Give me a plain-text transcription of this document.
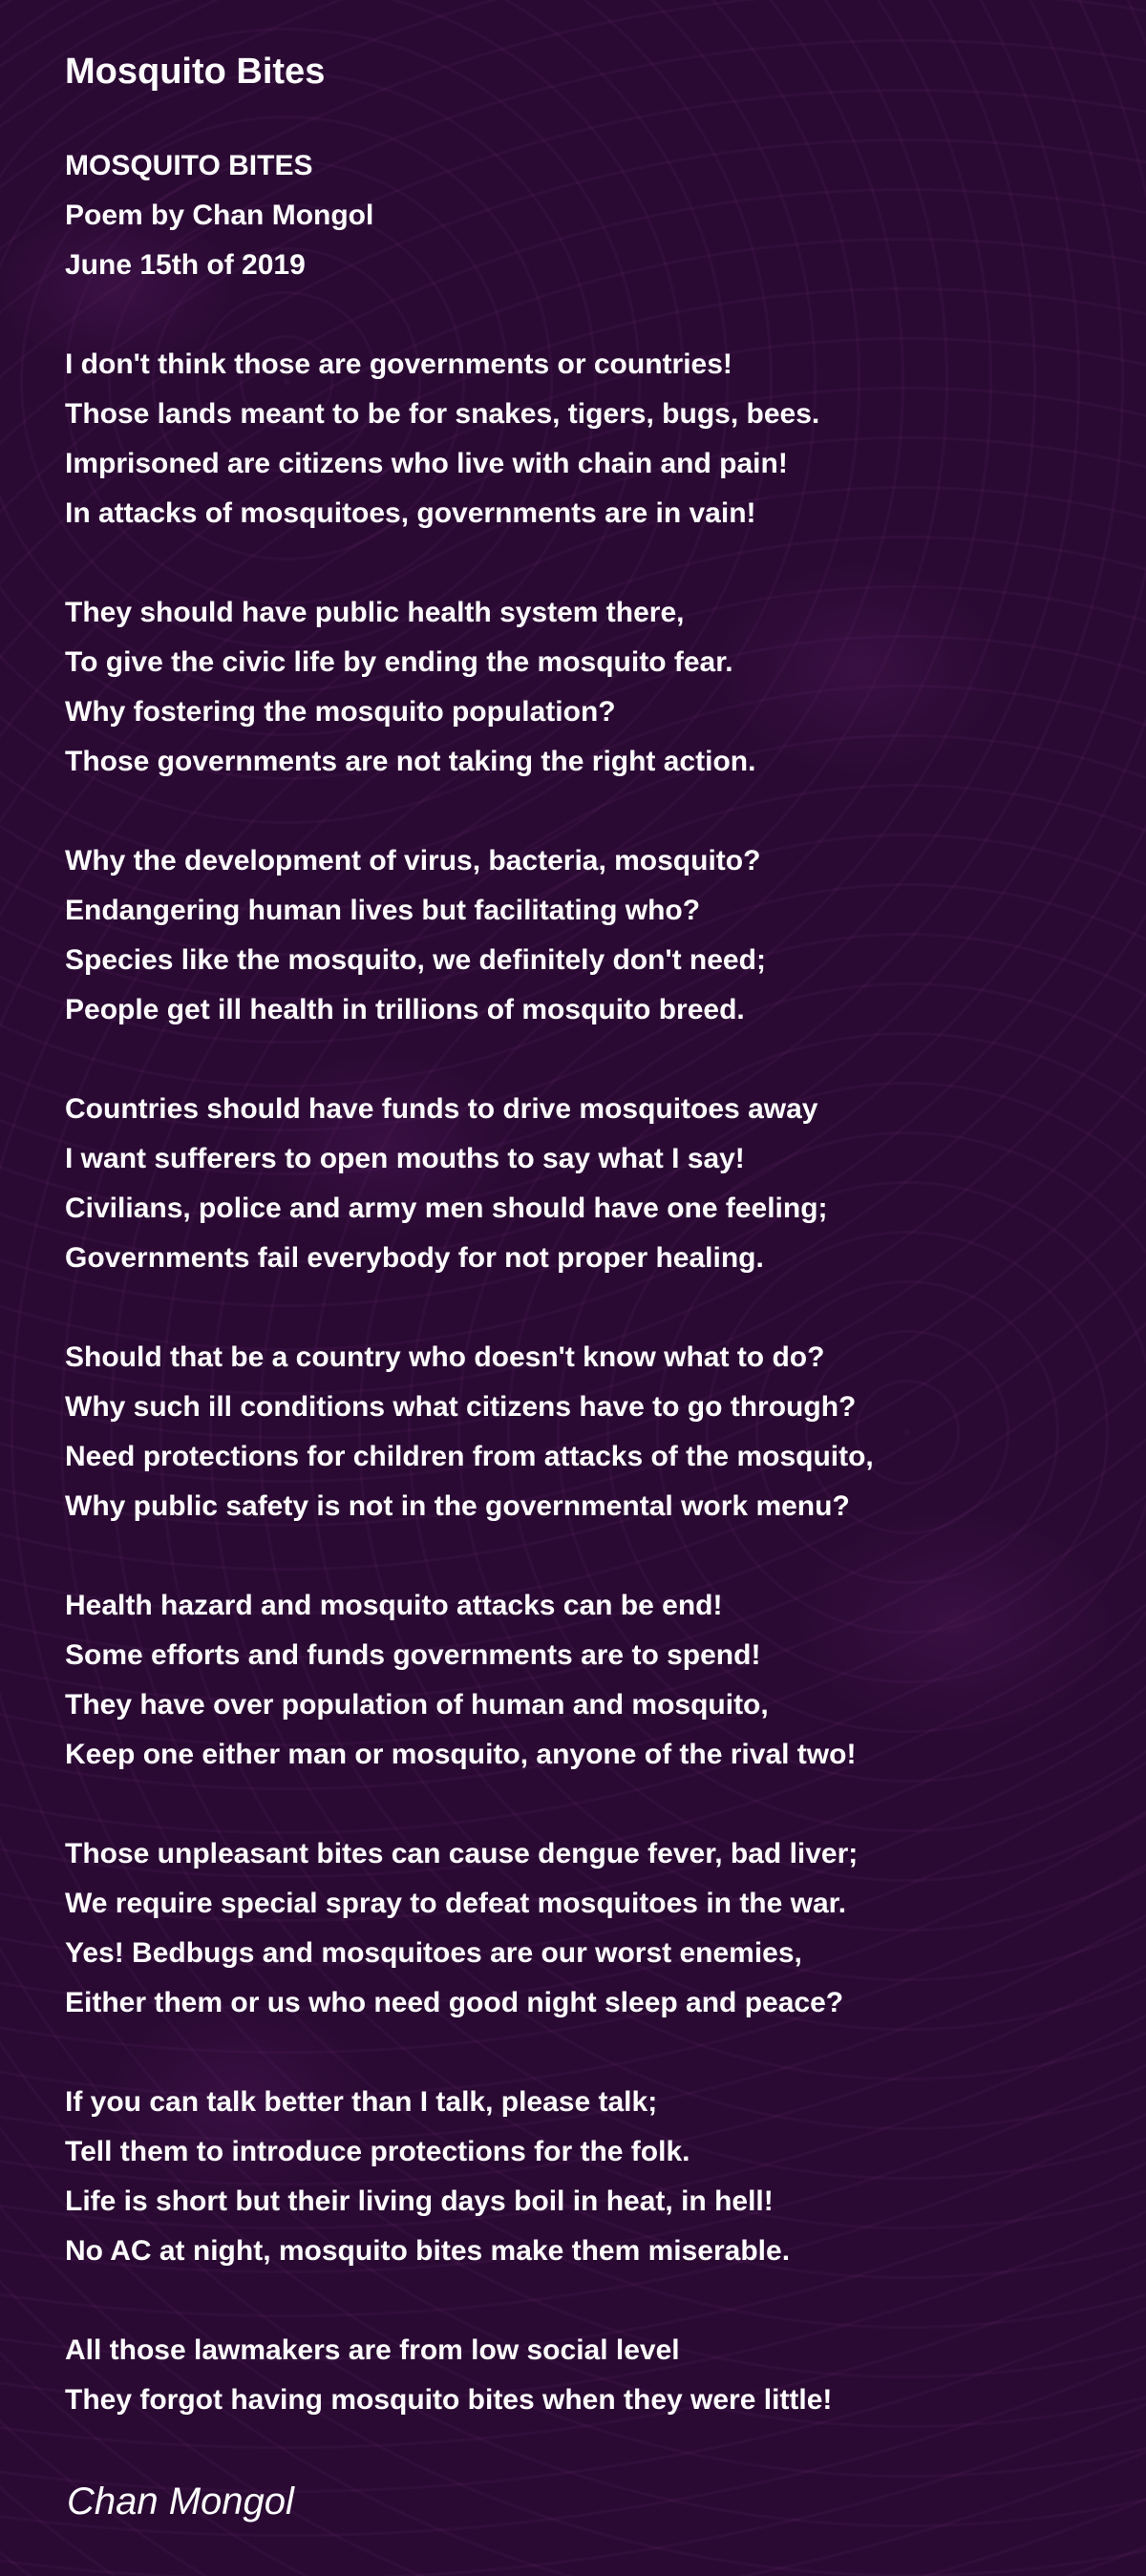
Mosquito Bites
MOSQUITO BITES
Poem by Chan Mongol
June 15th of 2019
I don't think those are governments or countries!
Those lands meant to be for snakes, tigers, bugs, bees.
Imprisoned are citizens who live with chain and pain!
In attacks of mosquitoes, governments are in vain!
They should have public health system there,
To give the civic life by ending the mosquito fear.
Why fostering the mosquito population?
Those governments are not taking the right action.
Why the development of virus, bacteria, mosquito?
Endangering human lives but facilitating who?
Species like the mosquito, we definitely don't need;
People get ill health in trillions of mosquito breed.
Countries should have funds to drive mosquitoes away
I want sufferers to open mouths to say what I say!
Civilians, police and army men should have one feeling;
Governments fail everybody for not proper healing.
Should that be a country who doesn't know what to do?
Why such ill conditions what citizens have to go through?
Need protections for children from attacks of the mosquito,
Why public safety is not in the governmental work menu?
Health hazard and mosquito attacks can be end!
Some efforts and funds governments are to spend!
They have over population of human and mosquito,
Keep one either man or mosquito, anyone of the rival two!
Those unpleasant bites can cause dengue fever, bad liver;
We require special spray to defeat mosquitoes in the war.
Yes! Bedbugs and mosquitoes are our worst enemies,
Either them or us who need good night sleep and peace?
If you can talk better than I talk, please talk;
Tell them to introduce protections for the folk.
Life is short but their living days boil in heat, in hell!
No AC at night, mosquito bites make them miserable.
All those lawmakers are from low social level
They forgot having mosquito bites when they were little!
Chan Mongol
